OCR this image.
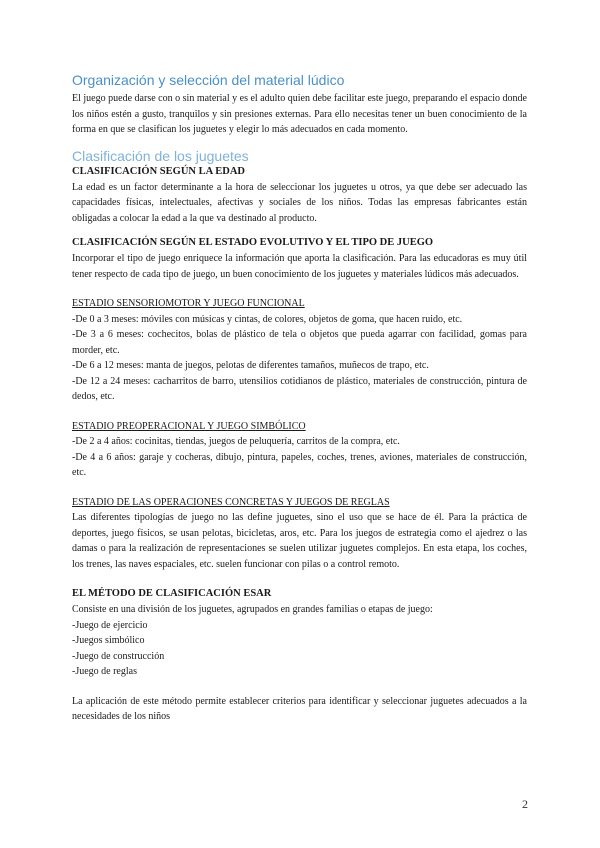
Organización y selección del material lúdico

El juego puede darse con o sin material y es el adulto quien debe facilitar este juego, preparando el espacio donde los niños estén a gusto, tranquilos y sin presiones externas. Para ello necesitas tener un buen conocimiento de la forma en que se clasifican los juguetes y elegir lo más adecuados en cada momento.

Clasificación de los juguetes

CLASIFICACIÓN SEGÚN LA EDAD

La edad es un factor determinante a la hora de seleccionar los juguetes u otros, ya que debe ser adecuado las capacidades físicas, intelectuales, afectivas y sociales de los niños. Todas las empresas fabricantes están obligadas a colocar la edad a la que va destinado al producto.

CLASIFICACIÓN SEGÚN EL ESTADO EVOLUTIVO Y EL TIPO DE JUEGO

Incorporar el tipo de juego enriquece la información que aporta la clasificación. Para las educadoras es muy útil tener respecto de cada tipo de juego, un buen conocimiento de los juguetes y materiales lúdicos más adecuados.

ESTADIO SENSORIOMOTOR Y JUEGO FUNCIONAL

-De 0 a 3 meses: móviles con músicas y cintas, de colores, objetos de goma, que hacen ruido, etc.

-De 3 a 6 meses: cochecitos, bolas de plástico de tela o objetos que pueda agarrar con facilidad, gomas para morder, etc.

-De 6 a 12 meses: manta de juegos, pelotas de diferentes tamaños, muñecos de trapo, etc.

-De 12 a 24 meses: cacharritos de barro, utensilios cotidianos de plástico, materiales de construcción, pintura de dedos, etc.

ESTADIO PREOPERACIONAL Y JUEGO SIMBÓLICO

-De 2 a 4 años: cocinitas, tiendas, juegos de peluquería, carritos de la compra, etc.

-De 4 a 6 años: garaje y cocheras, dibujo, pintura, papeles, coches, trenes, aviones, materiales de construcción, etc.

ESTADIO DE LAS OPERACIONES CONCRETAS Y JUEGOS DE REGLAS

Las diferentes tipologías de juego no las define juguetes, sino el uso que se hace de él. Para la práctica de deportes, juego físicos, se usan pelotas, bicicletas, aros, etc. Para los juegos de estrategia como el ajedrez o las damas o para la realización de representaciones se suelen utilizar juguetes complejos. En esta etapa, los coches, los trenes, las naves espaciales, etc. suelen funcionar con pilas o a control remoto.

EL MÉTODO DE CLASIFICACIÓN ESAR

Consiste en una división de los juguetes, agrupados en grandes familias o etapas de juego:

-Juego de ejercicio

-Juegos simbólico

-Juego de construcción

-Juego de reglas

La aplicación de este método permite establecer criterios para identificar y seleccionar juguetes adecuados a la necesidades de los niños

2
